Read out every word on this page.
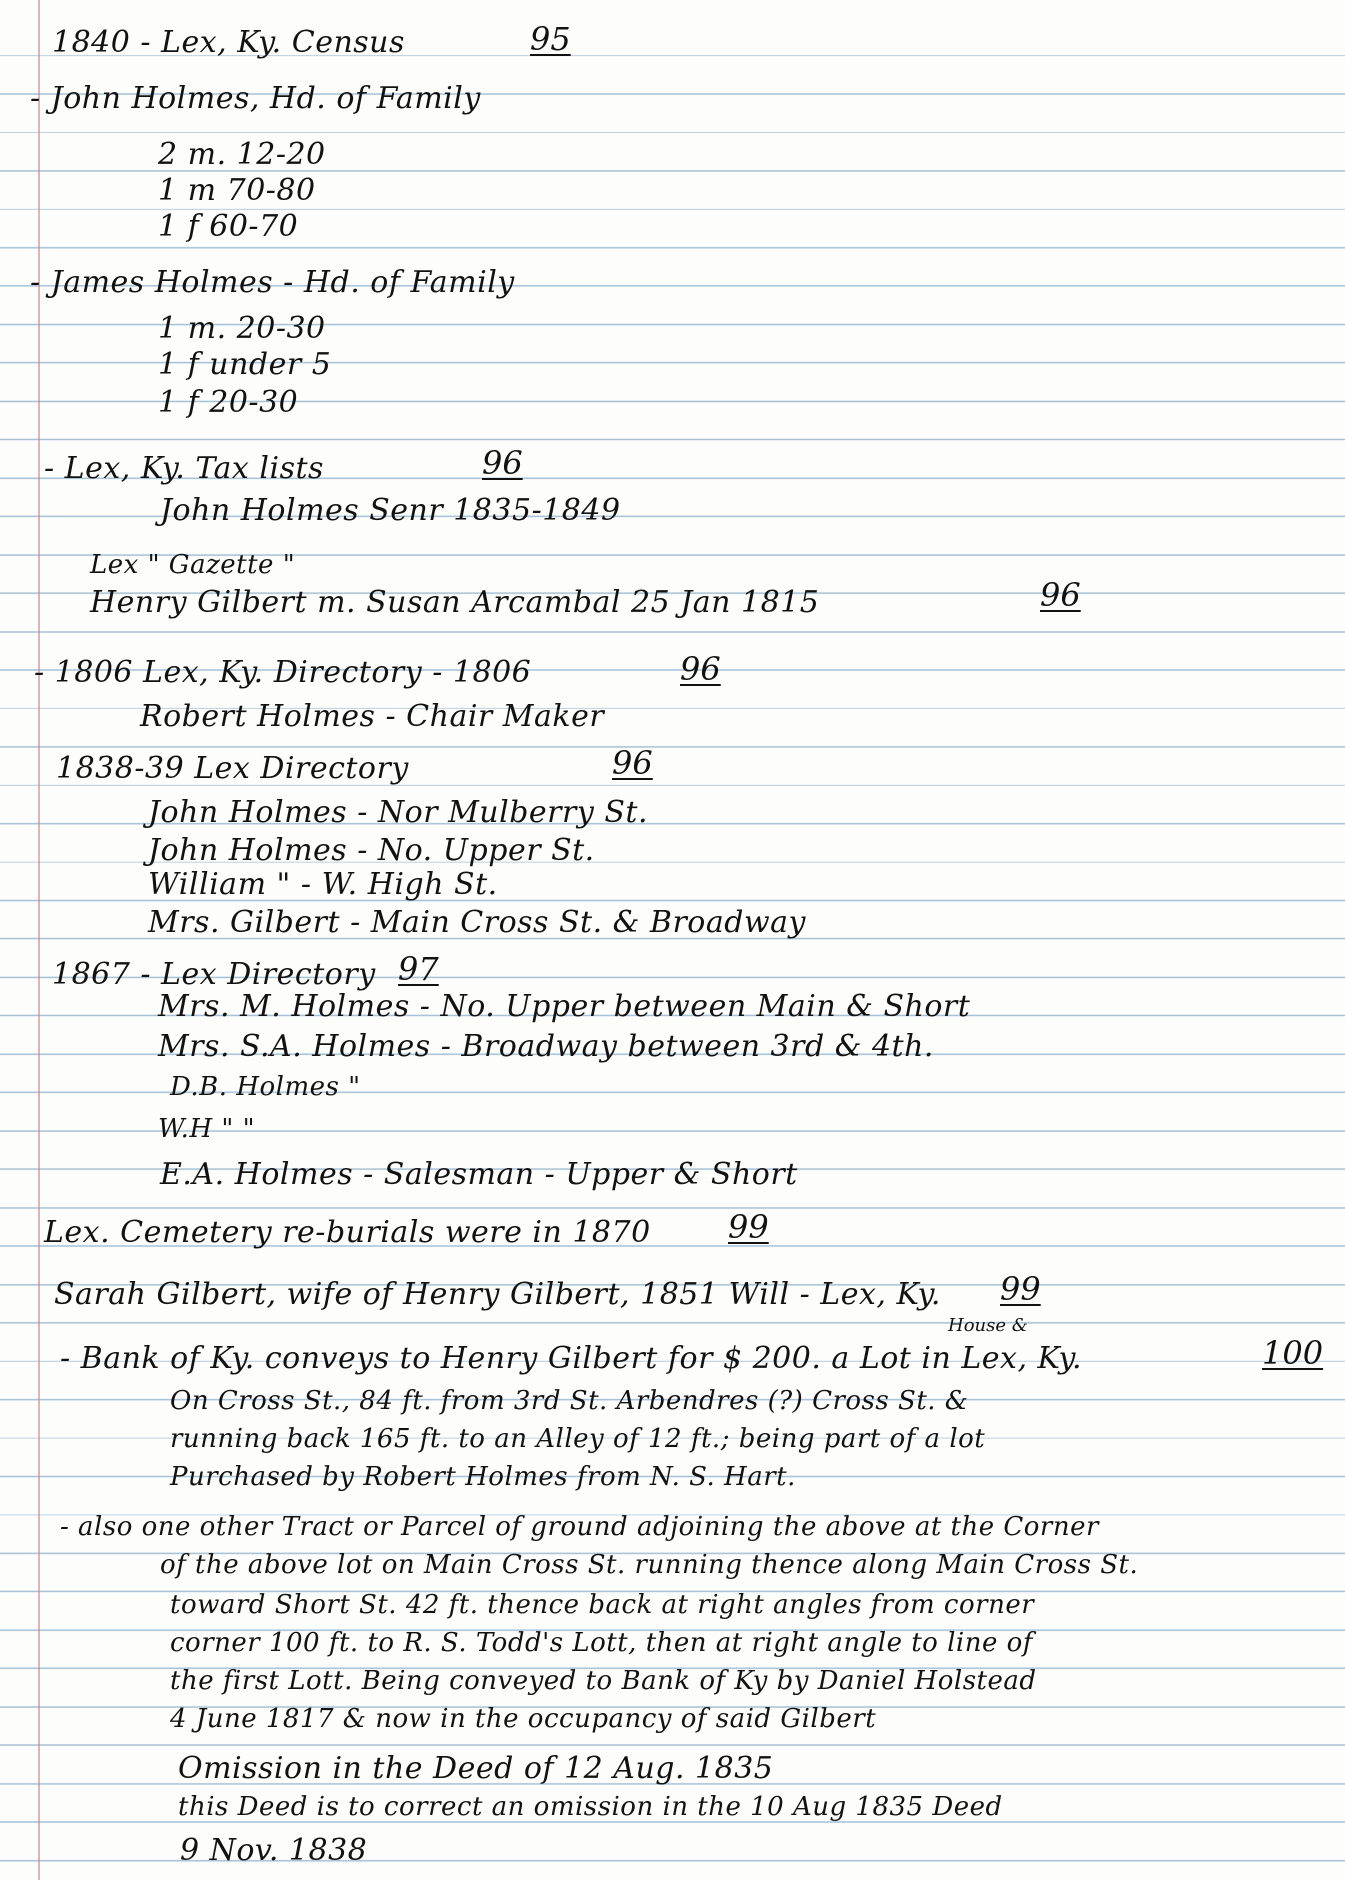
1840 - Lex, Ky. Census	95
- John Holmes, Hd. of Family
2 m. 12-20
1 m 70-80
1 f 60-70
- James Holmes - Hd. of Family
1 m. 20-30
1 f under 5
1 f 20-30
- Lex, Ky. Tax lists	96
John Holmes Senr 1835-1849
Lex " Gazette "
Henry Gilbert m. Susan Arcambal 25 Jan 1815	96
- 1806 Lex, Ky. Directory - 1806	96
Robert Holmes - Chair Maker
1838-39 Lex Directory	96
John Holmes - Nor Mulberry St.
John Holmes - No. Upper St.
William " - W. High St.
Mrs. Gilbert - Main Cross St. & Broadway
1867 - Lex Directory 97
Mrs. M. Holmes - No. Upper between Main & Short
Mrs. S.A. Holmes - Broadway between 3rd & 4th.
D.B. Holmes "
W.H " "
E.A. Holmes - Salesman - Upper & Short
Lex. Cemetery re-burials were in 1870 99
Sarah Gilbert, wife of Henry Gilbert, 1851 Will - Lex, Ky. 99
House &
- Bank of Ky. conveys to Henry Gilbert for $ 200. a Lot in Lex, Ky.	100
On Cross St., 84 ft. from 3rd St. Arbendres (?) Cross St. &
running back 165 ft. to an Alley of 12 ft.; being part of a lot
Purchased by Robert Holmes from N. S. Hart.
- also one other Tract or Parcel of ground adjoining the above at the Corner
of the above lot on Main Cross St. running thence along Main Cross St.
toward Short St. 42 ft. thence back at right angles from corner
corner 100 ft. to R. S. Todd's Lott, then at right angle to line of
the first Lott. Being conveyed to Bank of Ky by Daniel Holstead
4 June 1817 & now in the occupancy of said Gilbert
Omission in the Deed of 12 Aug. 1835
this Deed is to correct an omission in the 10 Aug 1835 Deed
9 Nov. 1838
